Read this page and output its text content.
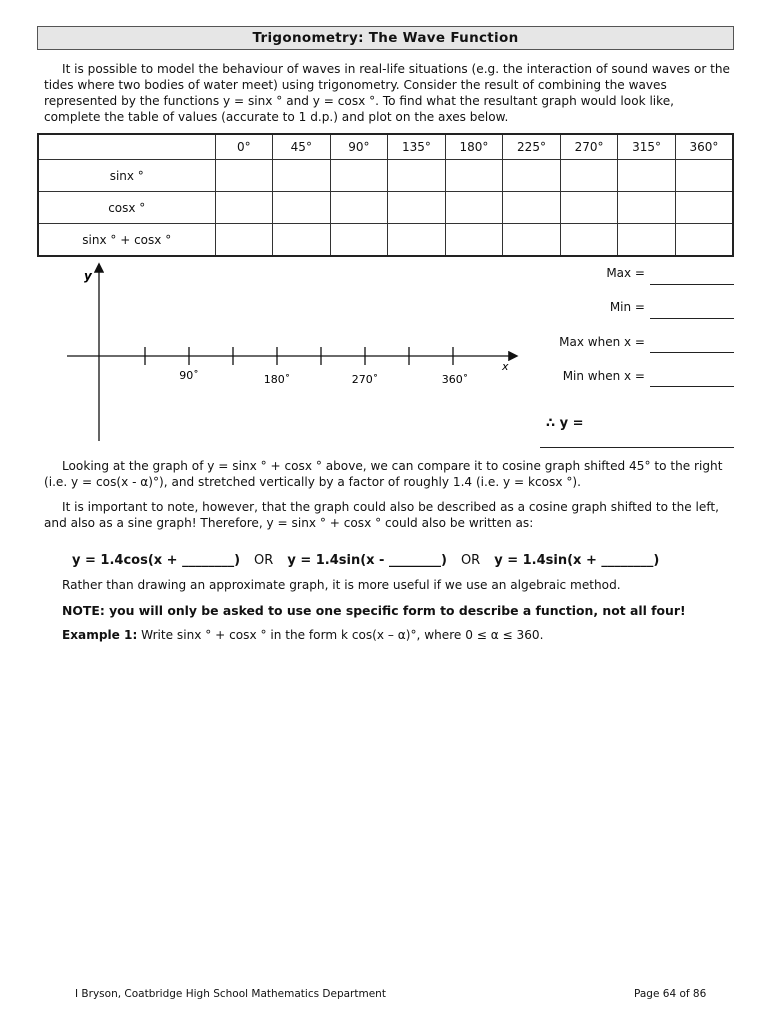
Trigonometry: The Wave Function
It is possible to model the behaviour of waves in real-life situations (e.g. the interaction of sound waves or the tides where two bodies of water meet) using trigonometry. Consider the result of combining the waves represented by the functions y = sinx ° and y = cosx °. To find what the resultant graph would look like, complete the table of values (accurate to 1 d.p.) and plot on the axes below.
	0°	45°	90°	135°	180°	225°	270°	315°	360°
sinx °									
cosx °									
sinx ° + cosx °									
y
x
90˚	180˚	270˚	360˚
Max =
Min =
Max when x =
Min when x =
∴ y =
Looking at the graph of y = sinx ° + cosx ° above, we can compare it to cosine graph shifted 45° to the right (i.e. y = cos(x - α)°), and stretched vertically by a factor of roughly 1.4 (i.e. y = kcosx °).
It is important to note, however, that the graph could also be described as a cosine graph shifted to the left, and also as a sine graph! Therefore, y = sinx ° + cosx ° could also be written as:
y = 1.4cos(x + ________) OR y = 1.4sin(x - ________) OR y = 1.4sin(x + ________)
Rather than drawing an approximate graph, it is more useful if we use an algebraic method.
NOTE: you will only be asked to use one specific form to describe a function, not all four!
Example 1: Write sinx ° + cosx ° in the form k cos(x – α)°, where 0 ≤ α ≤ 360.
I Bryson, Coatbridge High School Mathematics Department	Page 64 of 86
